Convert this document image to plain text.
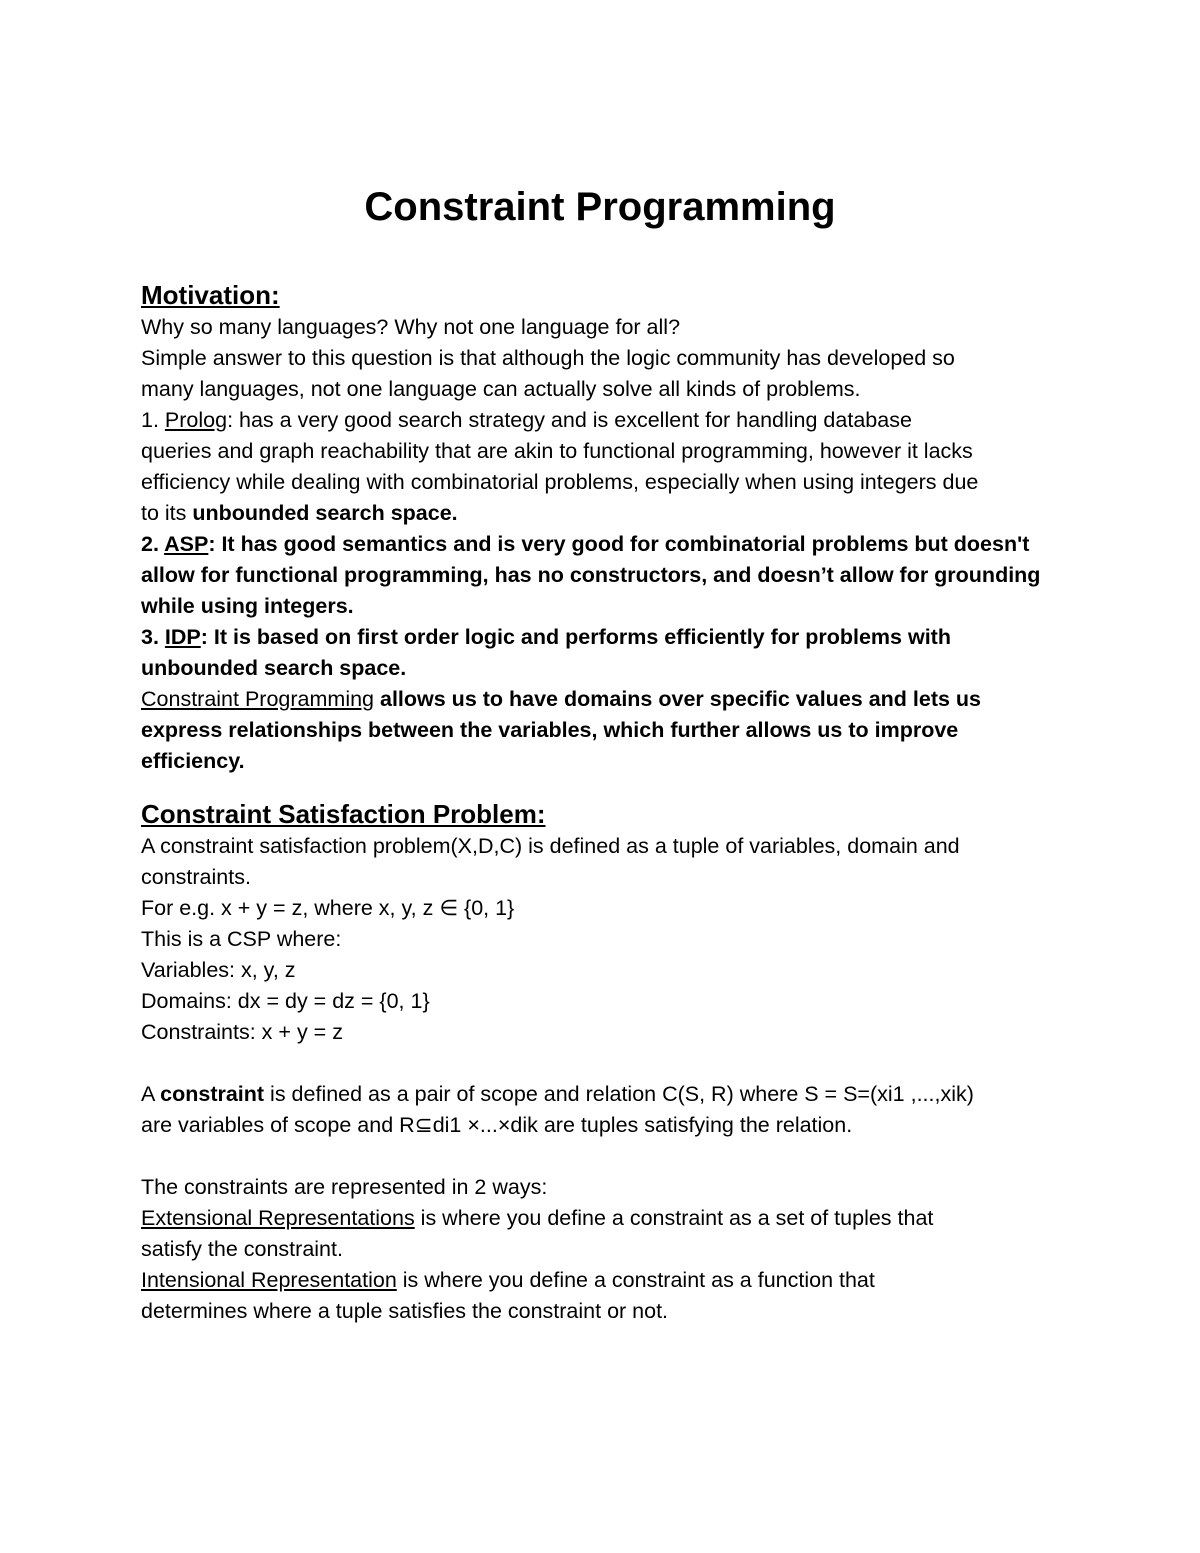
Constraint Programming
Motivation:
Why so many languages? Why not one language for all?
Simple answer to this question is that although the logic community has developed so
many languages, not one language can actually solve all kinds of problems.
1. Prolog: has a very good search strategy and is excellent for handling database
queries and graph reachability that are akin to functional programming, however it lacks
efficiency while dealing with combinatorial problems, especially when using integers due
to its unbounded search space.
2. ASP: It has good semantics and is very good for combinatorial problems but doesn't
allow for functional programming, has no constructors, and doesn’t allow for grounding
while using integers.
3. IDP: It is based on first order logic and performs efficiently for problems with
unbounded search space.
Constraint Programming allows us to have domains over specific values and lets us
express relationships between the variables, which further allows us to improve
efficiency.
Constraint Satisfaction Problem:
A constraint satisfaction problem(X,D,C) is defined as a tuple of variables, domain and
constraints.
For e.g. x + y = z, where x, y, z ∈ {0, 1}
This is a CSP where:
Variables: x, y, z
Domains: dx = dy = dz = {0, 1}
Constraints: x + y = z
A constraint is defined as a pair of scope and relation C(S, R) where S = S=(xi1 ,...,xik)
are variables of scope and R⊆di1 ×...×dik are tuples satisfying the relation.
The constraints are represented in 2 ways:
Extensional Representations is where you define a constraint as a set of tuples that
satisfy the constraint.
Intensional Representation is where you define a constraint as a function that
determines where a tuple satisfies the constraint or not.
